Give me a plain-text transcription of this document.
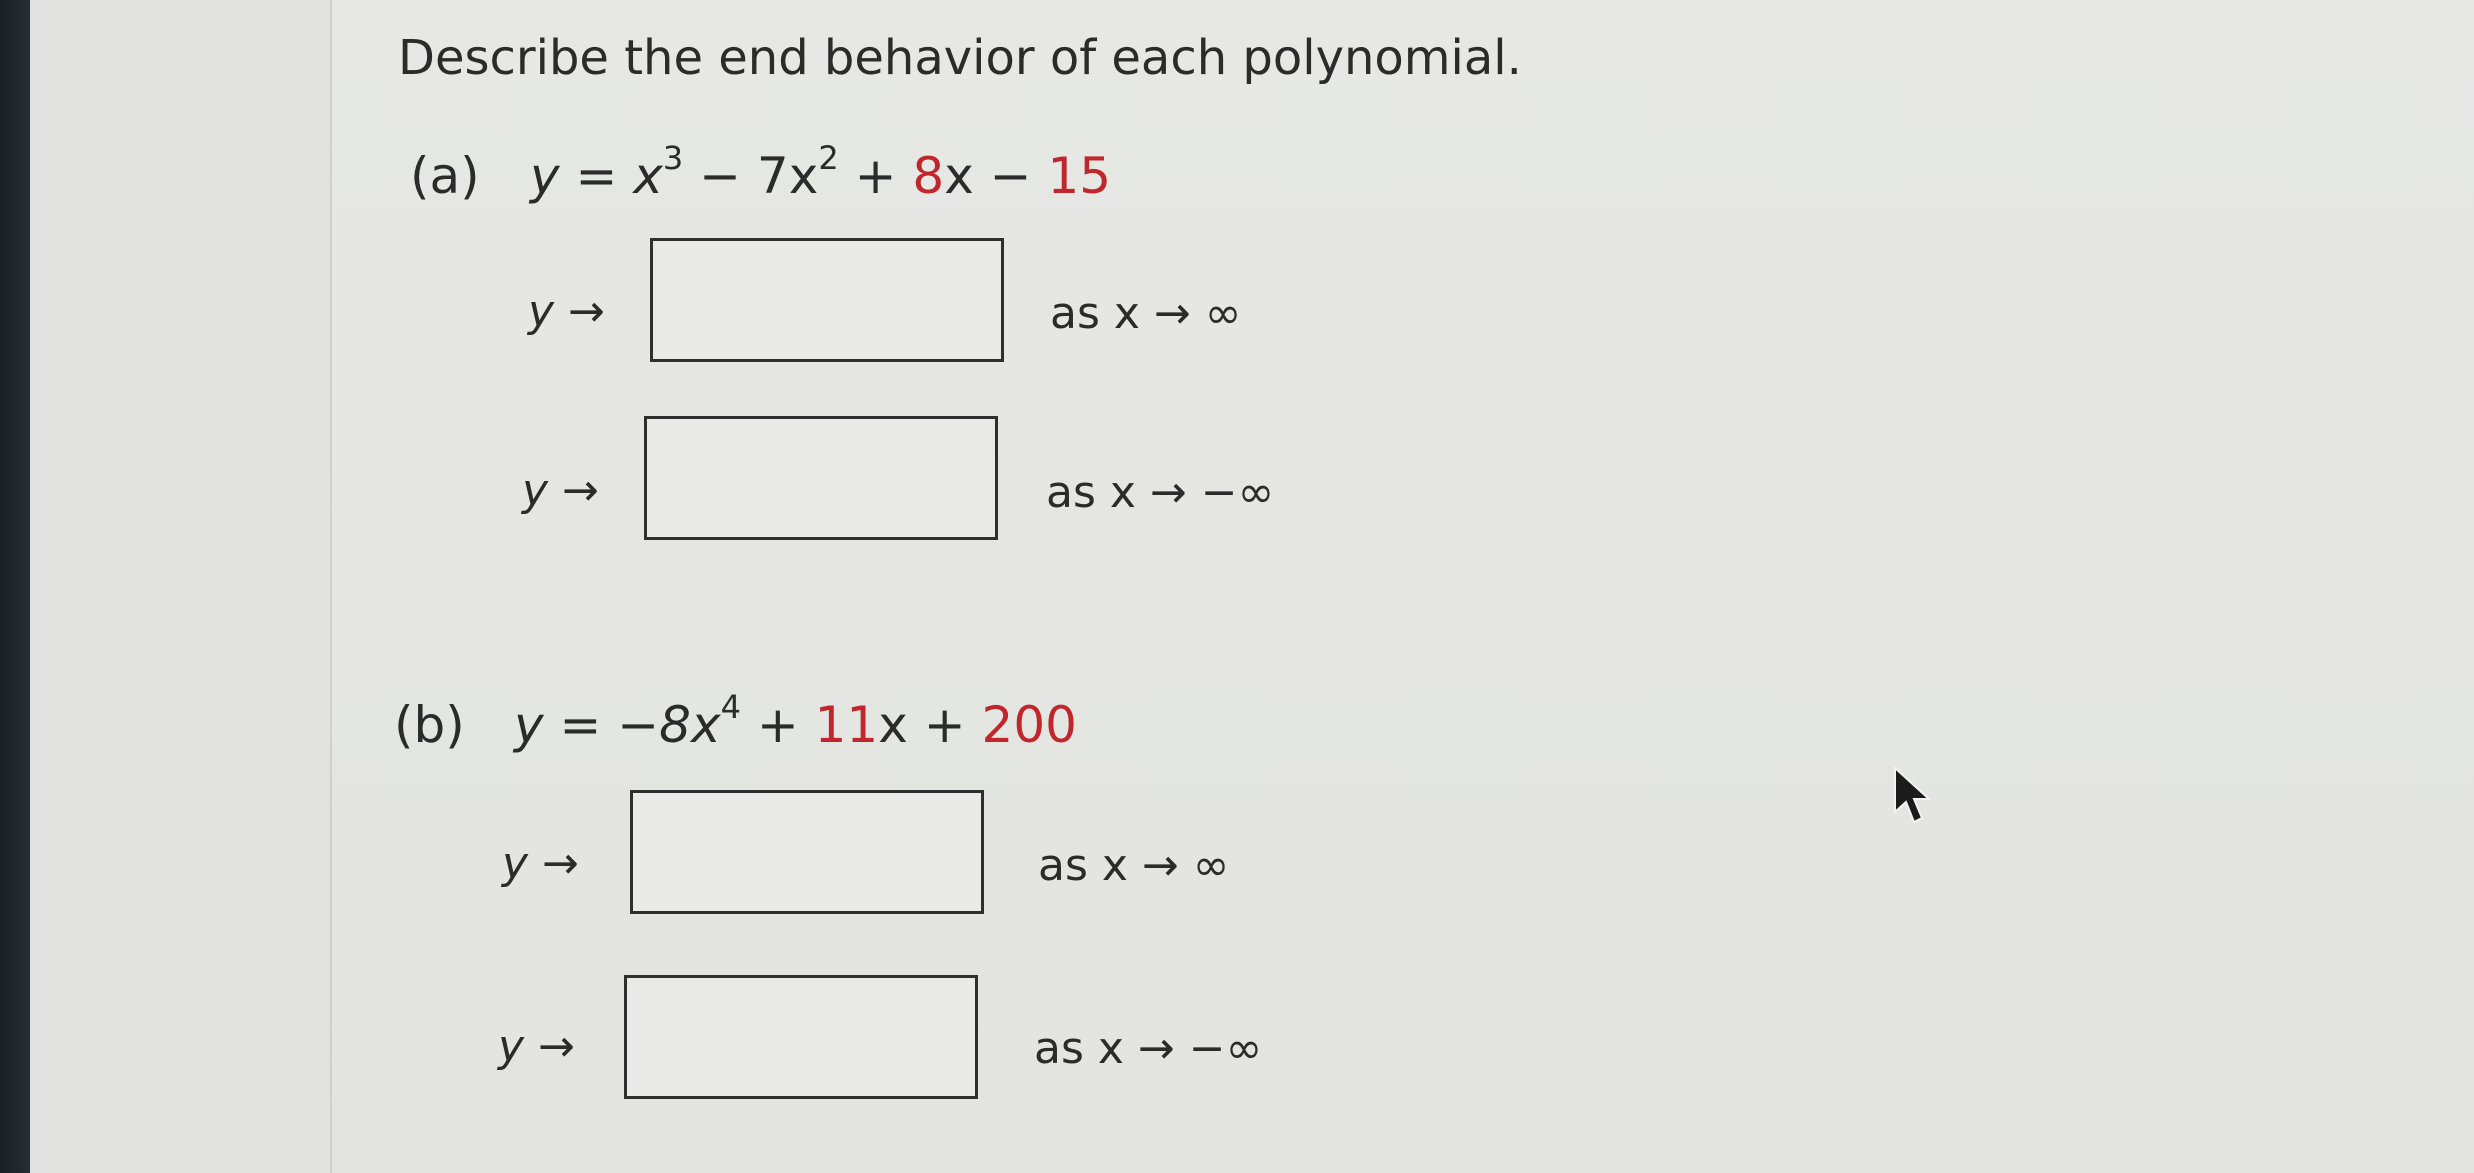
Describe the end behavior of each polynomial.
(a) $y = x^3 - 7x^2 + 8x - 15$
y →	as x → ∞
y →	as x → −∞
(b) $y = -8x^4 + 11x + 200$
y →	as x → ∞
y →	as x → −∞
